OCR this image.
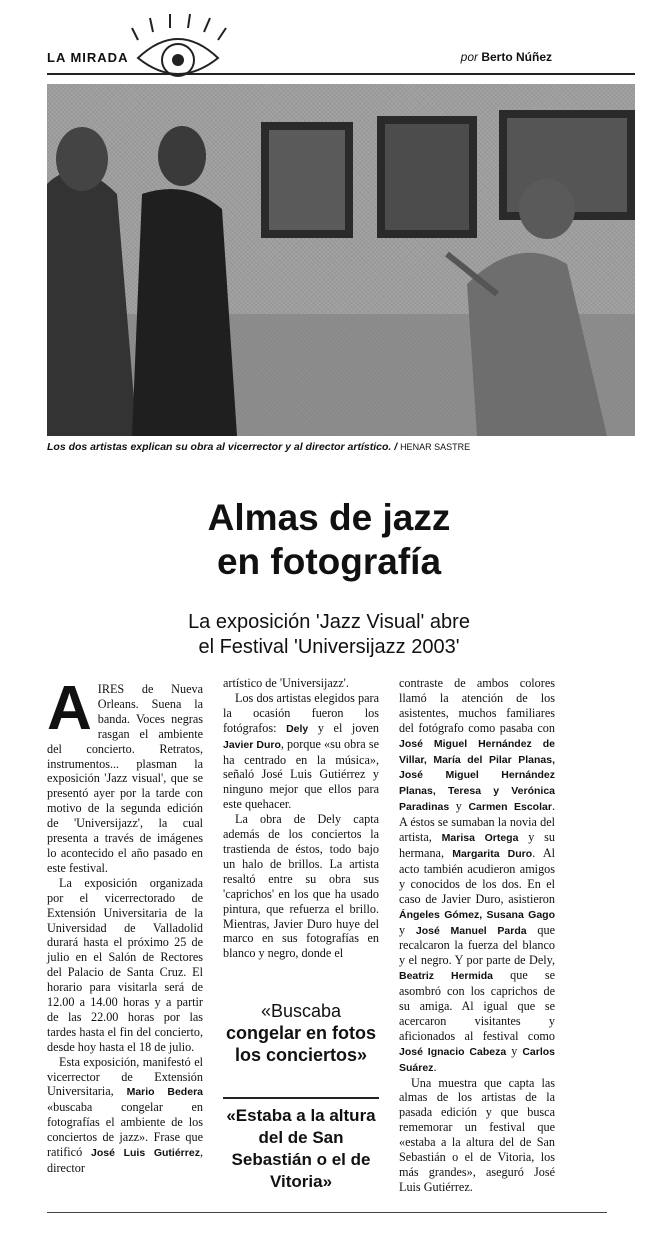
LA MIRADA	por Berto Núñez
Los dos artistas explican su obra al vicerrector y al director artístico. / HENAR SASTRE
Almas de jazz
en fotografía
La exposición 'Jazz Visual' abre
el Festival 'Universijazz 2003'

AIRES de Nueva Orleans. Suena la banda. Voces negras rasgan el ambiente del concierto. Retratos, instrumentos... plasman la exposición 'Jazz visual', que se presentó ayer por la tarde con motivo de la segunda edición de 'Universijazz', la cual presenta a través de imágenes lo acontecido el año pasado en este festival.

La exposición organizada por el vicerrectorado de Extensión Universitaria de la Universidad de Valladolid durará hasta el próximo 25 de julio en el Salón de Rectores del Palacio de Santa Cruz. El horario para visitarla será de 12.00 a 14.00 horas y a partir de las 22.00 horas por las tardes hasta el fin del concierto, desde hoy hasta el 18 de julio.

Esta exposición, manifestó el vicerrector de Extensión Universitaria, Mario Bedera «buscaba congelar en fotografías el ambiente de los conciertos de jazz». Frase que ratificó José Luis Gutiérrez, director

artístico de 'Universijazz'.

Los dos artistas elegidos para la ocasión fueron los fotógrafos: Dely y el joven Javier Duro, porque «su obra se ha centrado en la música», señaló José Luis Gutiérrez y ninguno mejor que ellos para este quehacer.

La obra de Dely capta además de los conciertos la trastienda de éstos, todo bajo un halo de brillos. La artista resaltó entre su obra sus 'caprichos' en los que ha usado pintura, que refuerza el brillo. Mientras, Javier Duro huye del marco en sus fotografías en blanco y negro, donde el

«Buscaba
congelar en fotos los conciertos»
«Estaba a la altura del de San Sebastián o el de Vitoria»

contraste de ambos colores llamó la atención de los asistentes, muchos familiares del fotógrafo como pasaba con José Miguel Hernández de Villar, María del Pilar Planas, José Miguel Hernández Planas, Teresa y Verónica Paradinas y Carmen Escolar. A éstos se sumaban la novia del artista, Marisa Ortega y su hermana, Margarita Duro. Al acto también acudieron amigos y conocidos de los dos. En el caso de Javier Duro, asistieron Ángeles Gómez, Susana Gago y José Manuel Parda que recalcaron la fuerza del blanco y el negro. Y por parte de Dely, Beatriz Hermida que se asombró con los caprichos de su amiga. Al igual que se acercaron visitantes y aficionados al festival como José Ignacio Cabeza y Carlos Suárez.

Una muestra que capta las almas de los artistas de la pasada edición y que busca rememorar un festival que «estaba a la altura del de San Sebastián o el de Vitoria, los más grandes», aseguró José Luis Gutiérrez.
